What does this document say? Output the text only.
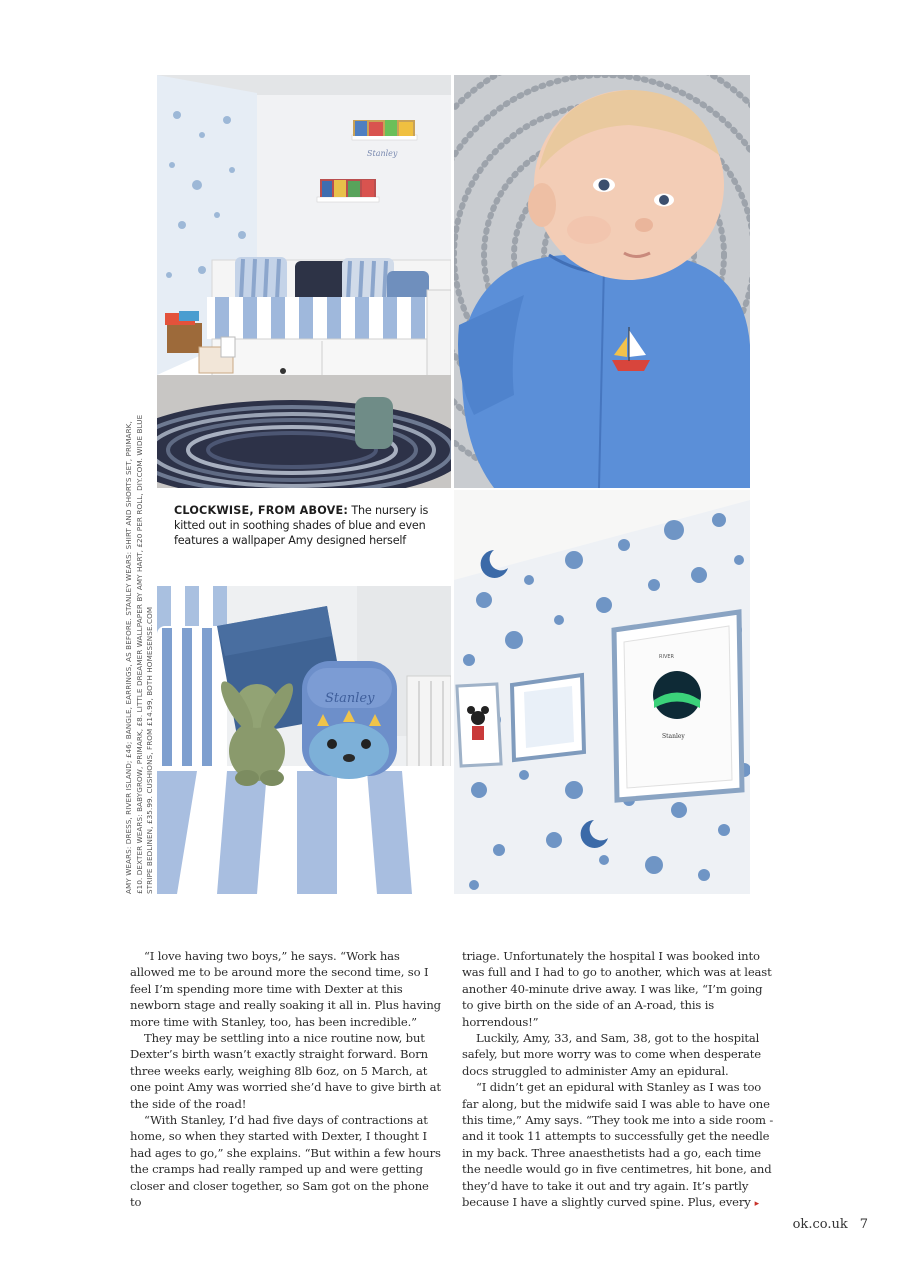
Stanley
CLOCKWISE, FROM ABOVE: The nursery is kitted out in soothing shades of blue and even features a wallpaper Amy designed herself
Stanley
RIVER
Stanley
AMY WEARS: DRESS, RIVER ISLAND; £46; BANGLE, EARRINGS, AS BEFORE. STANLEY WEARS: SHIRT AND SHORTS SET, PRIMARK, £10. DEXTER WEARS: BABYGROW, PRIMARK, £8. LITTLE DREAMER WALLPAPER BY AMY HART, £20 PER ROLL, DIY.COM. WIDE BLUE STRIPE BEDLINEN, £35.99. CUSHIONS, FROM £14.99, BOTH HOMESENSE.COM

“I love having two boys,” he says. “Work has allowed me to be around more the second time, so I feel I’m spending more time with Dexter at this newborn stage and really soaking it all in. Plus having more time with Stanley, too, has been incredible.”

They may be settling into a nice routine now, but Dexter’s birth wasn’t exactly straight forward. Born three weeks early, weighing 8lb 6oz, on 5 March, at one point Amy was worried she’d have to give birth at the side of the road!

“With Stanley, I’d had five days of contractions at home, so when they started with Dexter, I thought I had ages to go,” she explains. “But within a few hours the cramps had really ramped up and were getting closer and closer together, so Sam got on the phone to

triage. Unfortunately the hospital I was booked into was full and I had to go to another, which was at least another 40-minute drive away. I was like, “I’m going to give birth on the side of an A-road, this is horrendous!”

Luckily, Amy, 33, and Sam, 38, got to the hospital safely, but more worry was to come when desperate docs struggled to administer Amy an epidural.

“I didn’t get an epidural with Stanley as I was too far along, but the midwife said I was able to have one this time,” Amy says. “They took me into a side room - and it took 11 attempts to successfully get the needle in my back. Three anaesthetists had a go, each time the needle would go in five centimetres, hit bone, and they’d have to take it out and try again. It’s partly because I have a slightly curved spine. Plus, every ▸

ok.co.uk 7
